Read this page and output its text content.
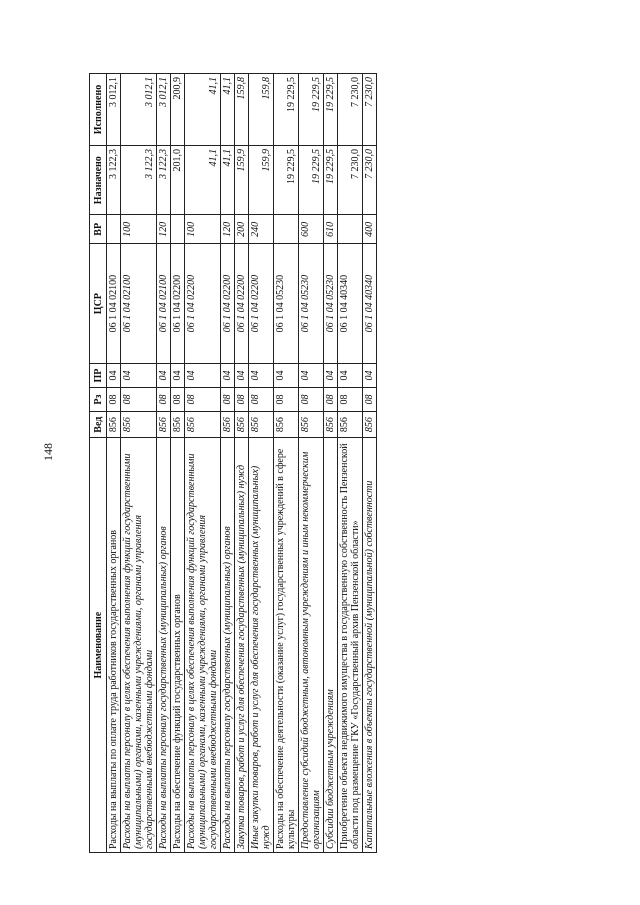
148
Наименование	Вед	Рз	ПР	ЦСР	ВР	Назначено	Исполнено
Расходы на выплаты по оплате труда работников государственных органов	856	08	04	06 1 04 02100		3 122,3	3 012,1
Расходы на выплаты персоналу в целях обеспечения выполнения функций государственными (муниципальными) органами, казенными учреждениями, органами управления государственными внебюджетными фондами	856	08	04	06 1 04 02100	100	3 122,3	3 012,1
Расходы на выплаты персоналу государственных (муниципальных) органов	856	08	04	06 1 04 02100	120	3 122,3	3 012,1
Расходы на обеспечение функций государственных органов	856	08	04	06 1 04 02200		201,0	200,9
Расходы на выплаты персоналу в целях обеспечения выполнения функций государственными (муниципальными) органами, казенными учреждениями, органами управления государственными внебюджетными фондами	856	08	04	06 1 04 02200	100	41,1	41,1
Расходы на выплаты персоналу государственных (муниципальных) органов	856	08	04	06 1 04 02200	120	41,1	41,1
Закупка товаров, работ и услуг для обеспечения государственных (муниципальных) нужд	856	08	04	06 1 04 02200	200	159,9	159,8
Иные закупки товаров, работ и услуг для обеспечения государственных (муниципальных) нужд	856	08	04	06 1 04 02200	240	159,9	159,8
Расходы на обеспечение деятельности (оказание услуг) государственных учреждений в сфере культуры	856	08	04	06 1 04 05230		19 229,5	19 229,5
Предоставление субсидий бюджетным, автономным учреждениям и иным некоммерческим организациям	856	08	04	06 1 04 05230	600	19 229,5	19 229,5
Субсидии бюджетным учреждениям	856	08	04	06 1 04 05230	610	19 229,5	19 229,5
Приобретение объекта недвижимого имущества в государственную собственность Пензенской области под размещение ГКУ «Государственный архив Пензенской области»	856	08	04	06 1 04 40340		7 230,0	7 230,0
Капитальные вложения в объекты государственной (муниципальной) собственности	856	08	04	06 1 04 40340	400	7 230,0	7 230,0
